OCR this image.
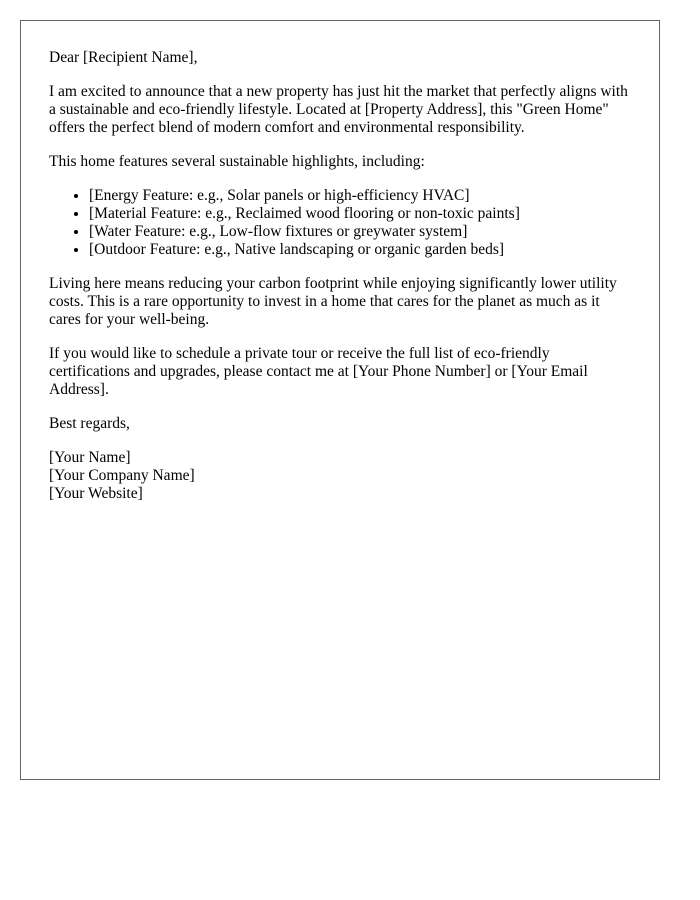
Dear [Recipient Name],

I am excited to announce that a new property has just hit the market that perfectly aligns with a sustainable and eco-friendly lifestyle. Located at [Property Address], this "Green Home" offers the perfect blend of modern comfort and environmental responsibility.

This home features several sustainable highlights, including:

• [Energy Feature: e.g., Solar panels or high-efficiency HVAC]
• [Material Feature: e.g., Reclaimed wood flooring or non-toxic paints]
• [Water Feature: e.g., Low-flow fixtures or greywater system]
• [Outdoor Feature: e.g., Native landscaping or organic garden beds]

Living here means reducing your carbon footprint while enjoying significantly lower utility costs. This is a rare opportunity to invest in a home that cares for the planet as much as it cares for your well-being.

If you would like to schedule a private tour or receive the full list of eco-friendly certifications and upgrades, please contact me at [Your Phone Number] or [Your Email Address].

Best regards,

[Your Name]
[Your Company Name]
[Your Website]
